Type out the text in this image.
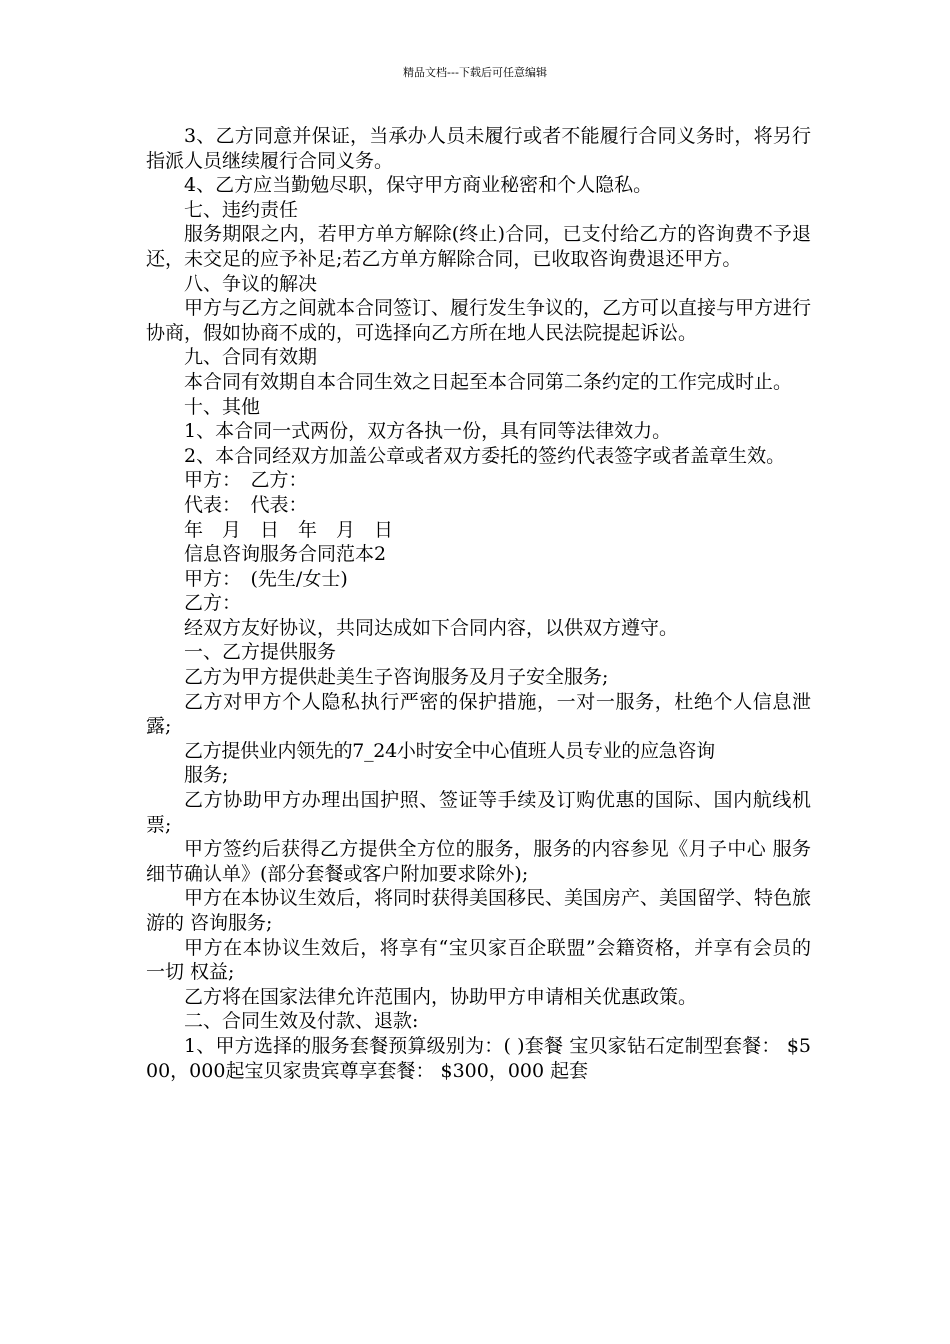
精品文档---下载后可任意编辑

3、乙方同意并保证，当承办人员未履行或者不能履行合同义务时，将另行指派人员继续履行合同义务。

4、乙方应当勤勉尽职，保守甲方商业秘密和个人隐私。

七、违约责任

服务期限之内，若甲方单方解除(终止)合同，已支付给乙方的咨询费不予退还，未交足的应予补足;若乙方单方解除合同，已收取咨询费退还甲方。

八、争议的解决

甲方与乙方之间就本合同签订、履行发生争议的，乙方可以直接与甲方进行协商，假如协商不成的，可选择向乙方所在地人民法院提起诉讼。

九、合同有效期

本合同有效期自本合同生效之日起至本合同第二条约定的工作完成时止。

十、其他

1、本合同一式两份，双方各执一份，具有同等法律效力。

2、本合同经双方加盖公章或者双方委托的签约代表签字或者盖章生效。

甲方：　乙方：

代表：　代表：

年　月　日　年　月　日

信息咨询服务合同范本2

甲方：　(先生/女士)

乙方：

经双方友好协议，共同达成如下合同内容，以供双方遵守。

一、乙方提供服务

乙方为甲方提供赴美生子咨询服务及月子安全服务;

乙方对甲方个人隐私执行严密的保护措施，一对一服务，杜绝个人信息泄露;

乙方提供业内领先的7_24小时安全中心值班人员专业的应急咨询

服务;

乙方协助甲方办理出国护照、签证等手续及订购优惠的国际、国内航线机票;

甲方签约后获得乙方提供全方位的服务，服务的内容参见《月子中心 服务细节确认单》(部分套餐或客户附加要求除外);

甲方在本协议生效后，将同时获得美国移民、美国房产、美国留学、特色旅游的 咨询服务;

甲方在本协议生效后，将享有“宝贝家百企联盟”会籍资格，并享有会员的一切 权益;

乙方将在国家法律允许范围内，协助甲方申请相关优惠政策。

二、合同生效及付款、退款:

1、甲方选择的服务套餐预算级别为：( )套餐 宝贝家钻石定制型套餐： $500，000起宝贝家贵宾尊享套餐： $300，000 起套
